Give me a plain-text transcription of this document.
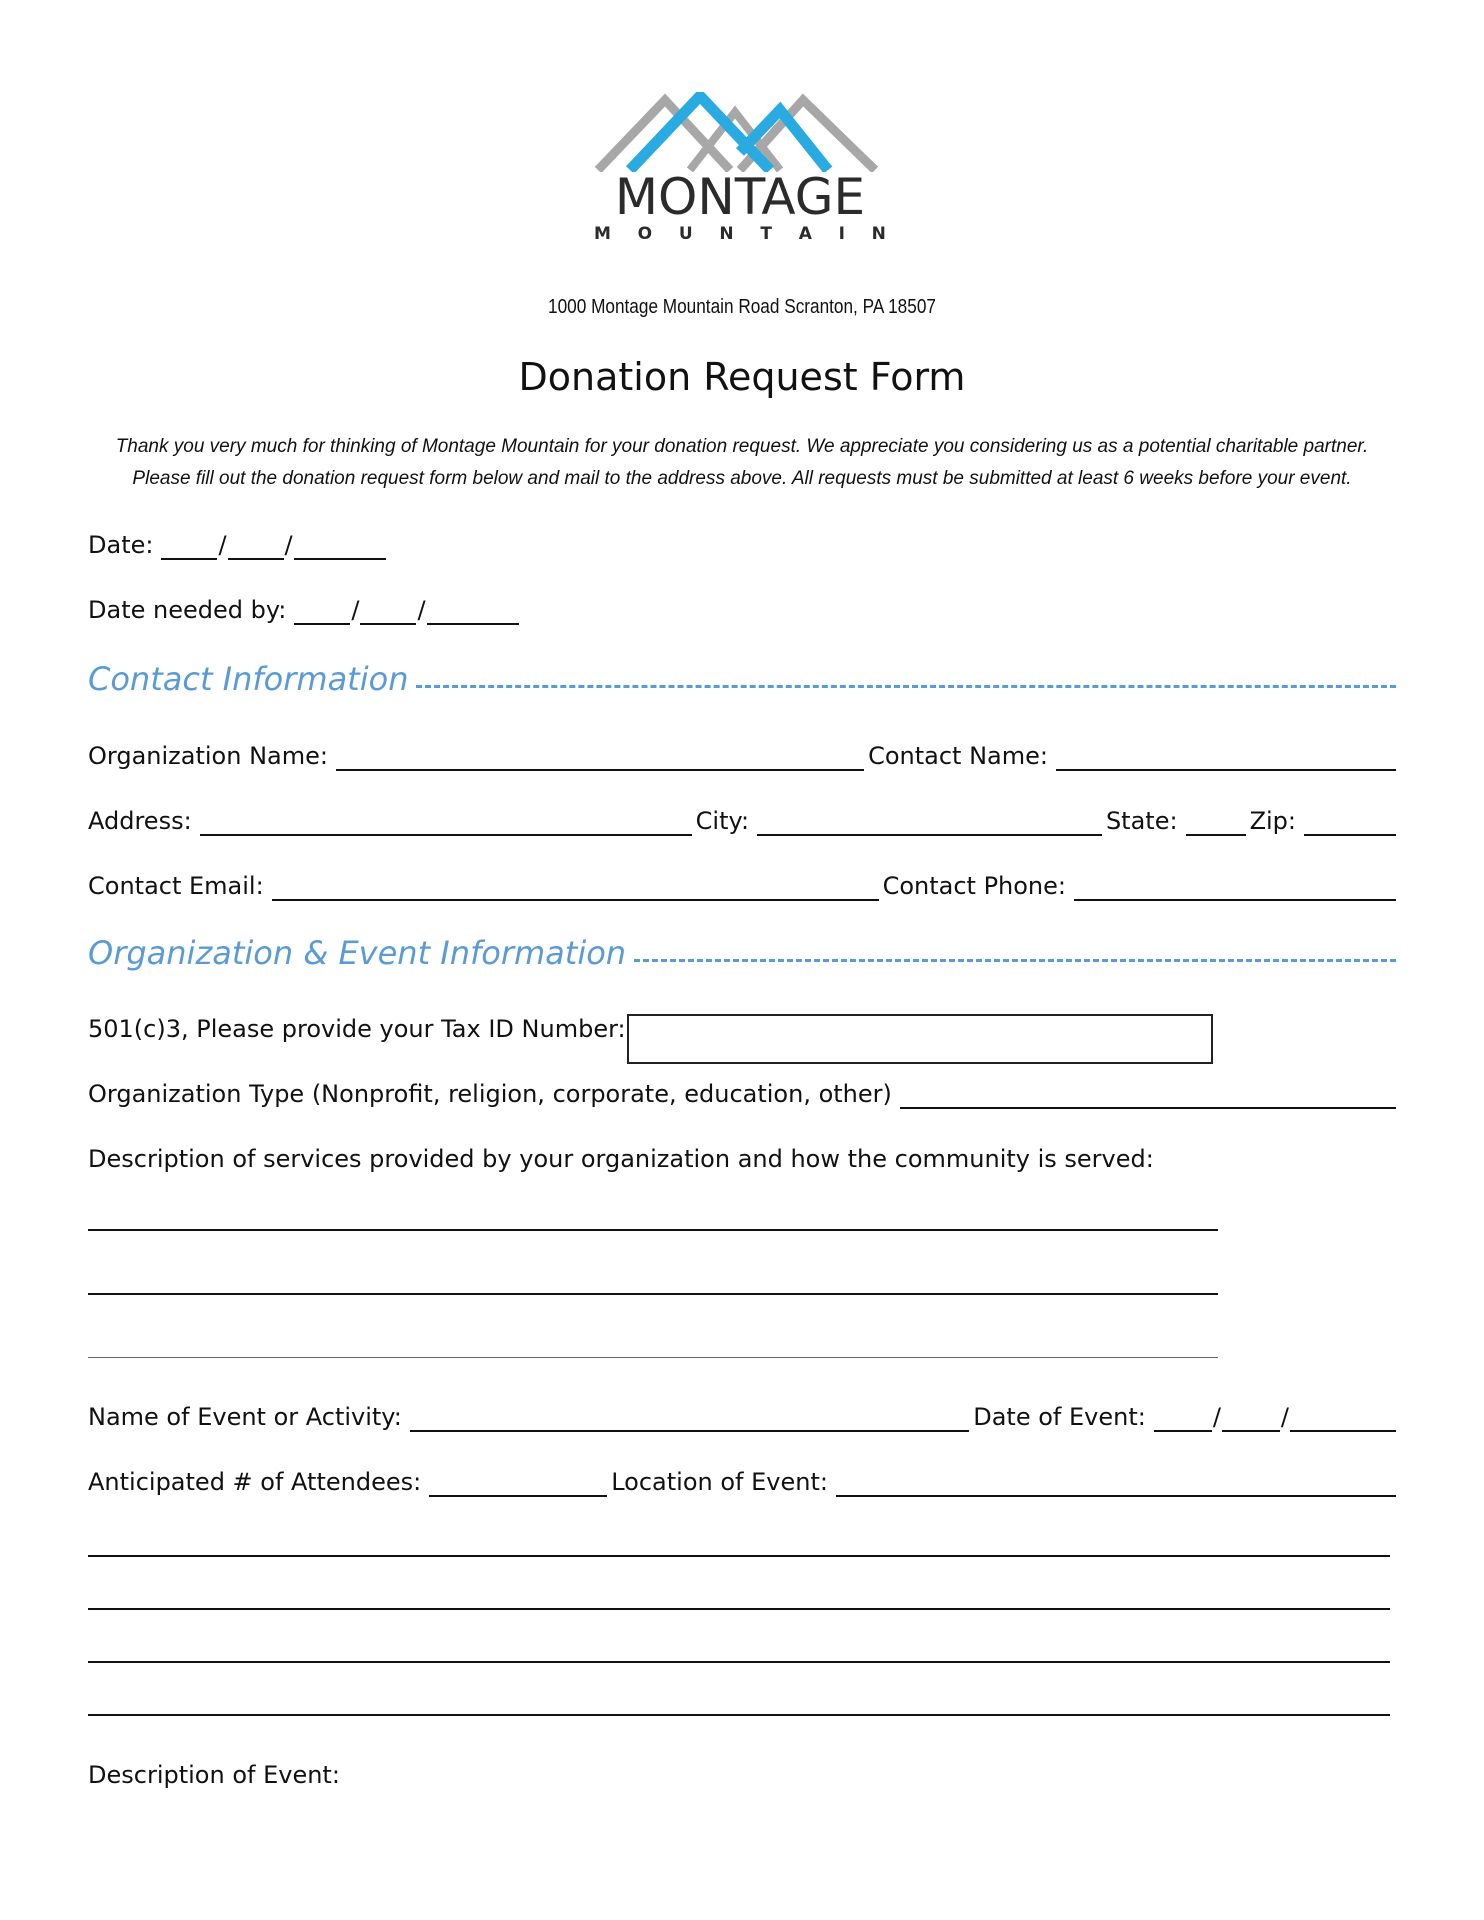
MONTAGE
M O U N T A I N
1000 Montage Mountain Road Scranton, PA 18507
Donation Request Form
Thank you very much for thinking of Montage Mountain for your donation request. We appreciate you considering us as a potential charitable partner.
Please fill out the donation request form below and mail to the address above. All requests must be submitted at least 6 weeks before your event.
Date:	/ /
Date needed by:	/ /
Contact Information
Organization Name:	Contact Name:
Address:	City:	State:	Zip:
Contact Email:	Contact Phone:
Organization & Event Information
501(c)3, Please provide your Tax ID Number:
Organization Type (Nonprofit, religion, corporate, education, other)
Description of services provided by your organization and how the community is served:
Name of Event or Activity:	Date of Event:	/	/
Anticipated # of Attendees:	Location of Event:
Description of Event:
